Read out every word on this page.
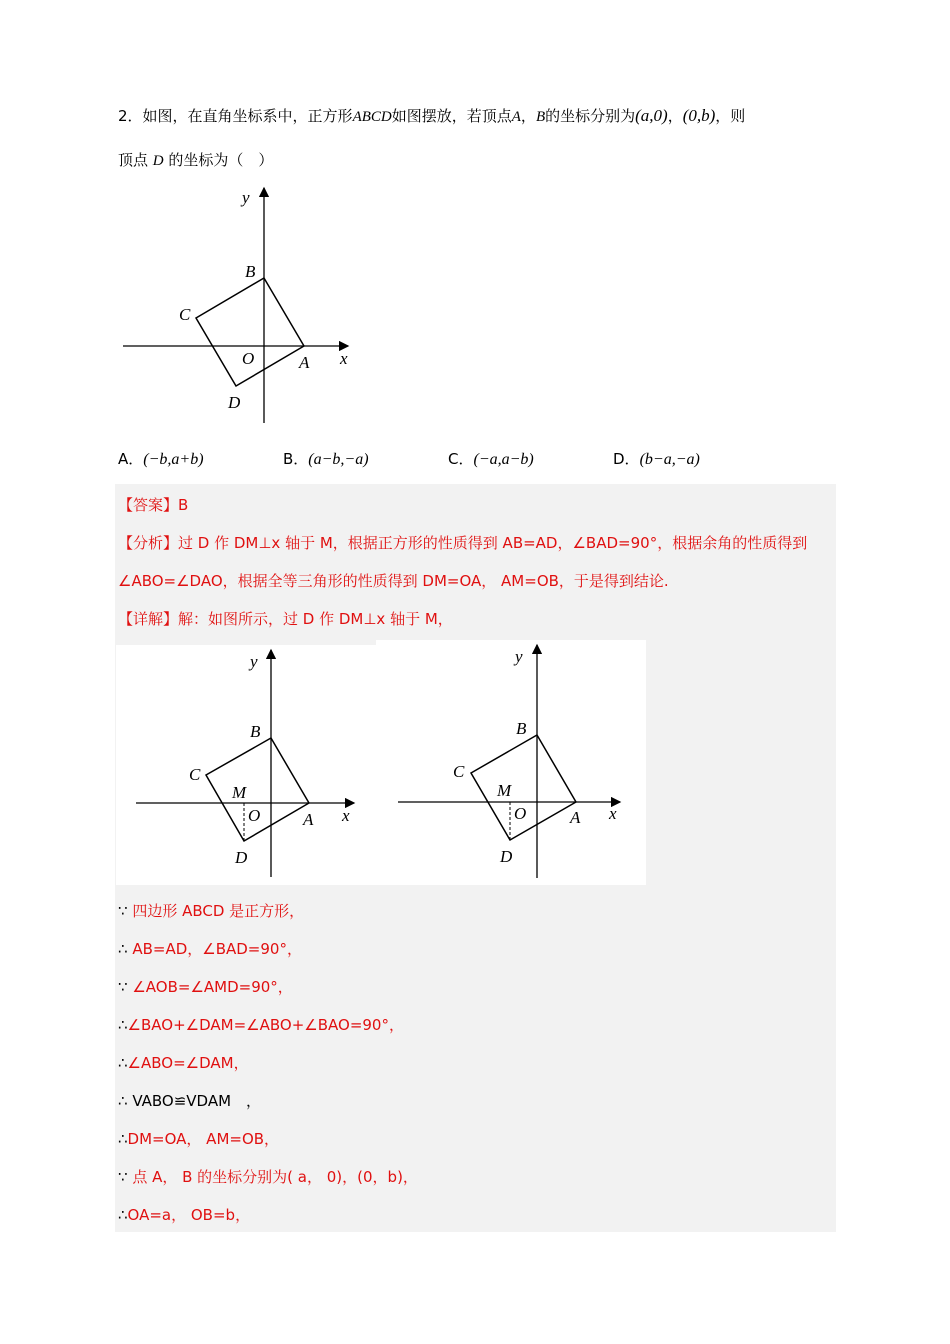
2．如图，在直角坐标系中，正方形ABCD如图摆放，若顶点A，B的坐标分别为(a,0)，(0,b)，则
顶点 D 的坐标为（　）
y
B
C
O	A x
D
A．(−b,a+b)	B．(a−b,−a)	C．(−a,a−b)	D．(b−a,−a)
【答案】B
【分析】过 D 作 DM⊥x 轴于 M，根据正方形的性质得到 AB=AD，∠BAD=90°，根据余角的性质得到
∠ABO=∠DAO，根据全等三角形的性质得到 DM=OA， AM=OB，于是得到结论.
【详解】解：如图所示，过 D 作 DM⊥x 轴于 M，
y
B
C
M
O	A x
D
y
B
C
M
O	A x
D
∵ 四边形 ABCD 是正方形，
∴ AB=AD，∠BAD=90°，
∵ ∠AOB=∠AMD=90°，
∴∠BAO+∠DAM=∠ABO+∠BAO=90°，
∴∠ABO=∠DAM，
∴ VABO≌VDAM　，
∴DM=OA， AM=OB，
∵ 点 A， B 的坐标分别为( a， 0)，(0，b)，
∴OA=a， OB=b，
